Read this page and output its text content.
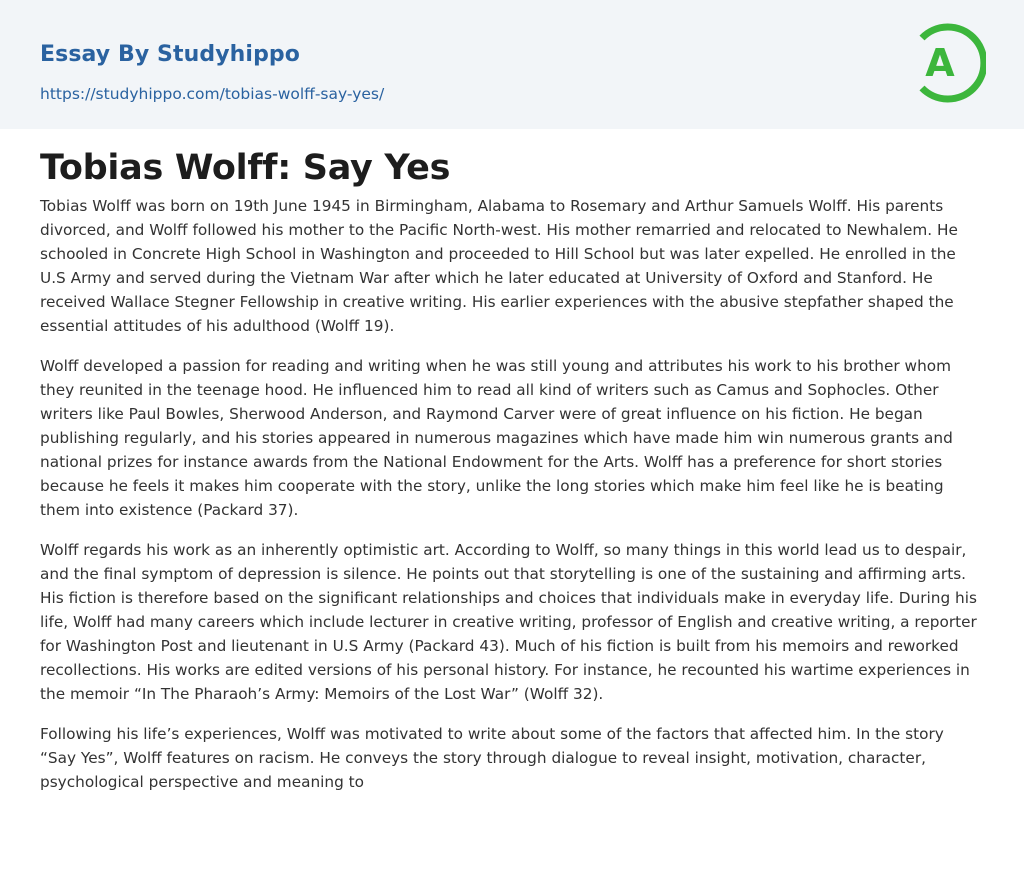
Essay By Studyhippo
https://studyhippo.com/tobias-wolff-say-yes/
A
Tobias Wolff: Say Yes

Tobias Wolff was born on 19th June 1945 in Birmingham, Alabama to Rosemary and Arthur Samuels Wolff. His parents divorced, and Wolff followed his mother to the Pacific North-west. His mother remarried and relocated to Newhalem. He schooled in Concrete High School in Washington and proceeded to Hill School but was later expelled. He enrolled in the U.S Army and served during the Vietnam War after which he later educated at University of Oxford and Stanford. He received Wallace Stegner Fellowship in creative writing. His earlier experiences with the abusive stepfather shaped the essential attitudes of his adulthood (Wolff 19).

Wolff developed a passion for reading and writing when he was still young and attributes his work to his brother whom they reunited in the teenage hood. He influenced him to read all kind of writers such as Camus and Sophocles. Other writers like Paul Bowles, Sherwood Anderson, and Raymond Carver were of great influence on his fiction. He began publishing regularly, and his stories appeared in numerous magazines which have made him win numerous grants and national prizes for instance awards from the National Endowment for the Arts. Wolff has a preference for short stories because he feels it makes him cooperate with the story, unlike the long stories which make him feel like he is beating them into existence (Packard 37).

Wolff regards his work as an inherently optimistic art. According to Wolff, so many things in this world lead us to despair, and the final symptom of depression is silence. He points out that storytelling is one of the sustaining and affirming arts. His fiction is therefore based on the significant relationships and choices that individuals make in everyday life. During his life, Wolff had many careers which include lecturer in creative writing, professor of English and creative writing, a reporter for Washington Post and lieutenant in U.S Army (Packard 43). Much of his fiction is built from his memoirs and reworked recollections. His works are edited versions of his personal history. For instance, he recounted his wartime experiences in the memoir “In The Pharaoh’s Army: Memoirs of the Lost War” (Wolff 32).

Following his life’s experiences, Wolff was motivated to write about some of the factors that affected him. In the story “Say Yes”, Wolff features on racism. He conveys the story through dialogue to reveal insight, motivation, character, psychological perspective and meaning to
